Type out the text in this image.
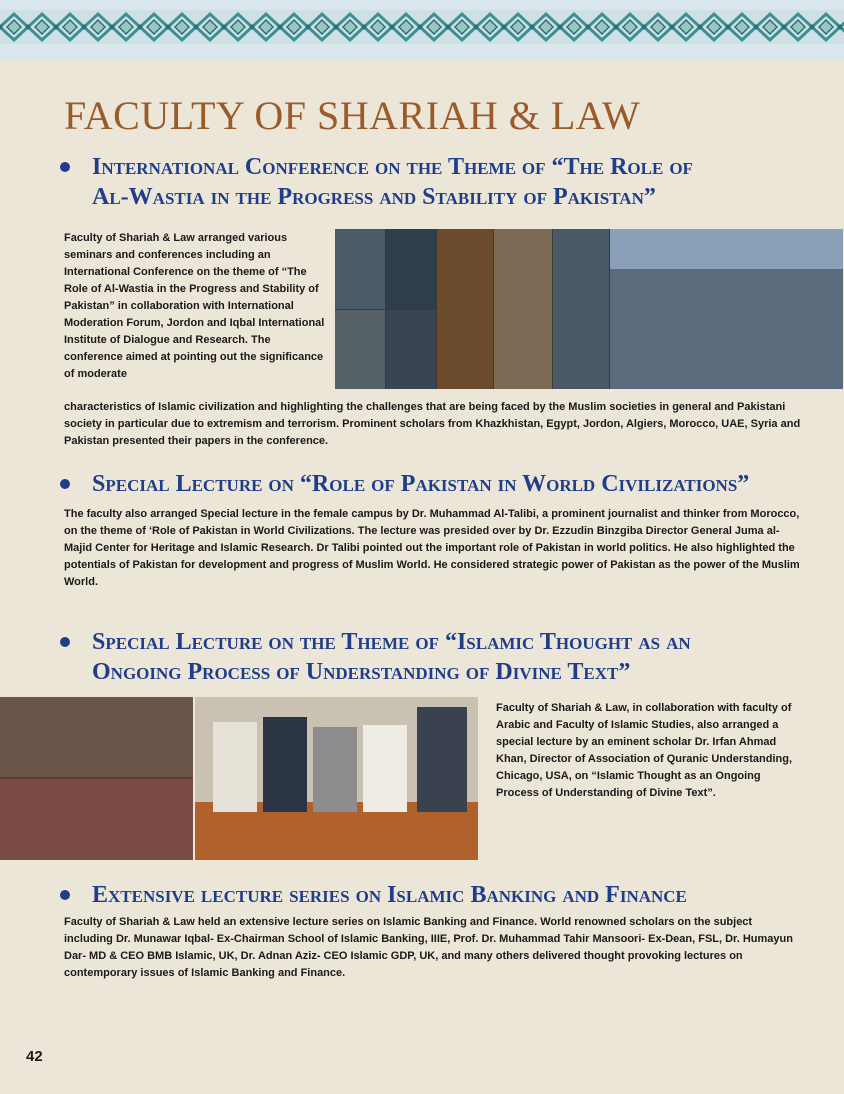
FACULTY OF SHARIAH & LAW
International Conference on the Theme of “The Role of
Al-Wastia in the Progress and Stability of Pakistan”

Faculty of Shariah & Law arranged various seminars and conferences including an International Conference on the theme of “The Role of Al-Wastia in the Progress and Stability of Pakistan” in collaboration with International Moderation Forum, Jordon and Iqbal International Institute of Dialogue and Research. The conference aimed at pointing out the significance of moderate

characteristics of Islamic civilization and highlighting the challenges that are being faced by the Muslim societies in general and Pakistani society in particular due to extremism and terrorism. Prominent scholars from Khazkhistan, Egypt, Jordon, Algiers, Morocco, UAE, Syria and Pakistan presented their papers in the conference.

Special Lecture on “Role of Pakistan in World Civilizations”

The faculty also arranged Special lecture in the female campus by Dr. Muhammad Al-Talibi, a prominent journalist and thinker from Morocco, on the theme of ‘Role of Pakistan in World Civilizations. The lecture was presided over by Dr. Ezzudin Binzgiba Director General Juma al-Majid Center for Heritage and Islamic Research. Dr Talibi pointed out the important role of Pakistan in world politics. He also highlighted the potentials of Pakistan for development and progress of Muslim World. He considered strategic power of Pakistan as the power of the Muslim World.

Special Lecture on the Theme of “Islamic Thought as an
Ongoing Process of Understanding of Divine Text”

Faculty of Shariah & Law, in collaboration with faculty of Arabic and Faculty of Islamic Studies, also arranged a special lecture by an eminent scholar Dr. Irfan Ahmad Khan, Director of Association of Quranic Understanding, Chicago, USA, on “Islamic Thought as an Ongoing Process of Understanding of Divine Text”.

Extensive lecture series on Islamic Banking and Finance

Faculty of Shariah & Law held an extensive lecture series on Islamic Banking and Finance. World renowned scholars on the subject including Dr. Munawar Iqbal- Ex-Chairman School of Islamic Banking, IIIE, Prof. Dr. Muhammad Tahir Mansoori- Ex-Dean, FSL, Dr. Humayun Dar- MD & CEO BMB Islamic, UK, Dr. Adnan Aziz- CEO Islamic GDP, UK, and many others delivered thought provoking lectures on contemporary issues of Islamic Banking and Finance.

42
